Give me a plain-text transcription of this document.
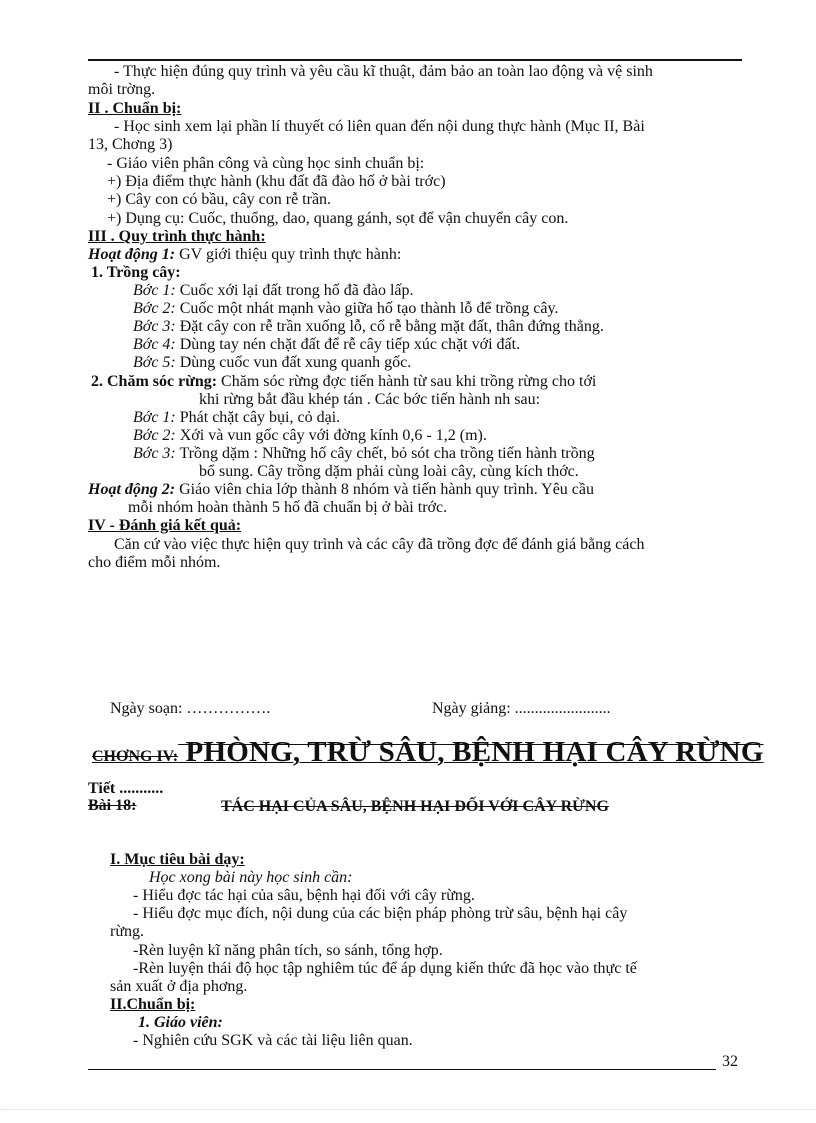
- Thực hiện đúng quy trình và yêu cầu kĩ thuật, đảm bảo an toàn lao động và vệ sinh
môi trờng.
II . Chuẩn bị:
- Học sinh xem lại phần lí thuyết có liên quan đến nội dung thực hành (Mục II, Bài
13, Chơng 3)
- Giáo viên phân công và cùng học sinh chuẩn bị:
+) Địa điểm thực hành (khu đất đã đào hố ở bài trớc)
+) Cây con có bầu, cây con rễ trần.
+) Dụng cụ: Cuốc, thuổng, dao, quang gánh, sọt để vận chuyển cây con.
III . Quy trình thực hành:
Hoạt động 1: GV giới thiệu quy trình thực hành:
1. Trồng cây:
Bớc 1: Cuốc xới lại đất trong hố đã đào lấp.
Bớc 2: Cuốc một nhát mạnh vào giữa hố tạo thành lỗ để trồng cây.
Bớc 3: Đặt cây con rễ trần xuống lỗ, cổ rễ bằng mặt đất, thân đứng thẳng.
Bớc 4: Dùng tay nén chặt đất để rễ cây tiếp xúc chặt với đất.
Bớc 5: Dùng cuốc vun đất xung quanh gốc.
2. Chăm sóc rừng: Chăm sóc rừng đợc tiến hành từ sau khi trồng rừng cho tới
khi rừng bắt đầu khép tán . Các bớc tiến hành nh sau:
Bớc 1: Phát chặt cây bụi, cỏ dại.
Bớc 2: Xới và vun gốc cây với đờng kính 0,6 - 1,2 (m).
Bớc 3: Trồng dặm : Những hố cây chết, bỏ sót cha trồng tiến hành trồng
bổ sung. Cây trồng dặm phải cùng loài cây, cùng kích thớc.
Hoạt động 2: Giáo viên chia lớp thành 8 nhóm và tiến hành quy trình. Yêu cầu
mỗi nhóm hoàn thành 5 hố đã chuẩn bị ở bài trớc.
IV - Đánh giá kết quả:
Căn cứ vào việc thực hiện quy trình và các cây đã trồng đợc để đánh giá bằng cách
cho điểm mỗi nhóm.
Ngày soạn: …………….	Ngày giảng: ........................
CHƠNG IV: PHÒNG, TRỪ SÂU, BỆNH HẠI CÂY RỪNG
Tiết ...........
Bài 18:	TÁC HẠI CỦA SÂU, BỆNH HẠI ĐỐI VỚI CÂY RỪNG
I. Mục tiêu bài dạy:
Học xong bài này học sinh cần:
- Hiểu đợc tác hại của sâu, bệnh hại đối với cây rừng.
- Hiểu đợc mục đích, nội dung của các biện pháp phòng trừ sâu, bệnh hại cây
rừng.
-Rèn luyện kĩ năng phân tích, so sánh, tổng hợp.
-Rèn luyện thái độ học tập nghiêm túc để áp dụng kiến thức đã học vào thực tế
sản xuất ở địa phơng.
II.Chuẩn bị:
1. Giáo viên:
- Nghiên cứu SGK và các tài liệu liên quan.
32
